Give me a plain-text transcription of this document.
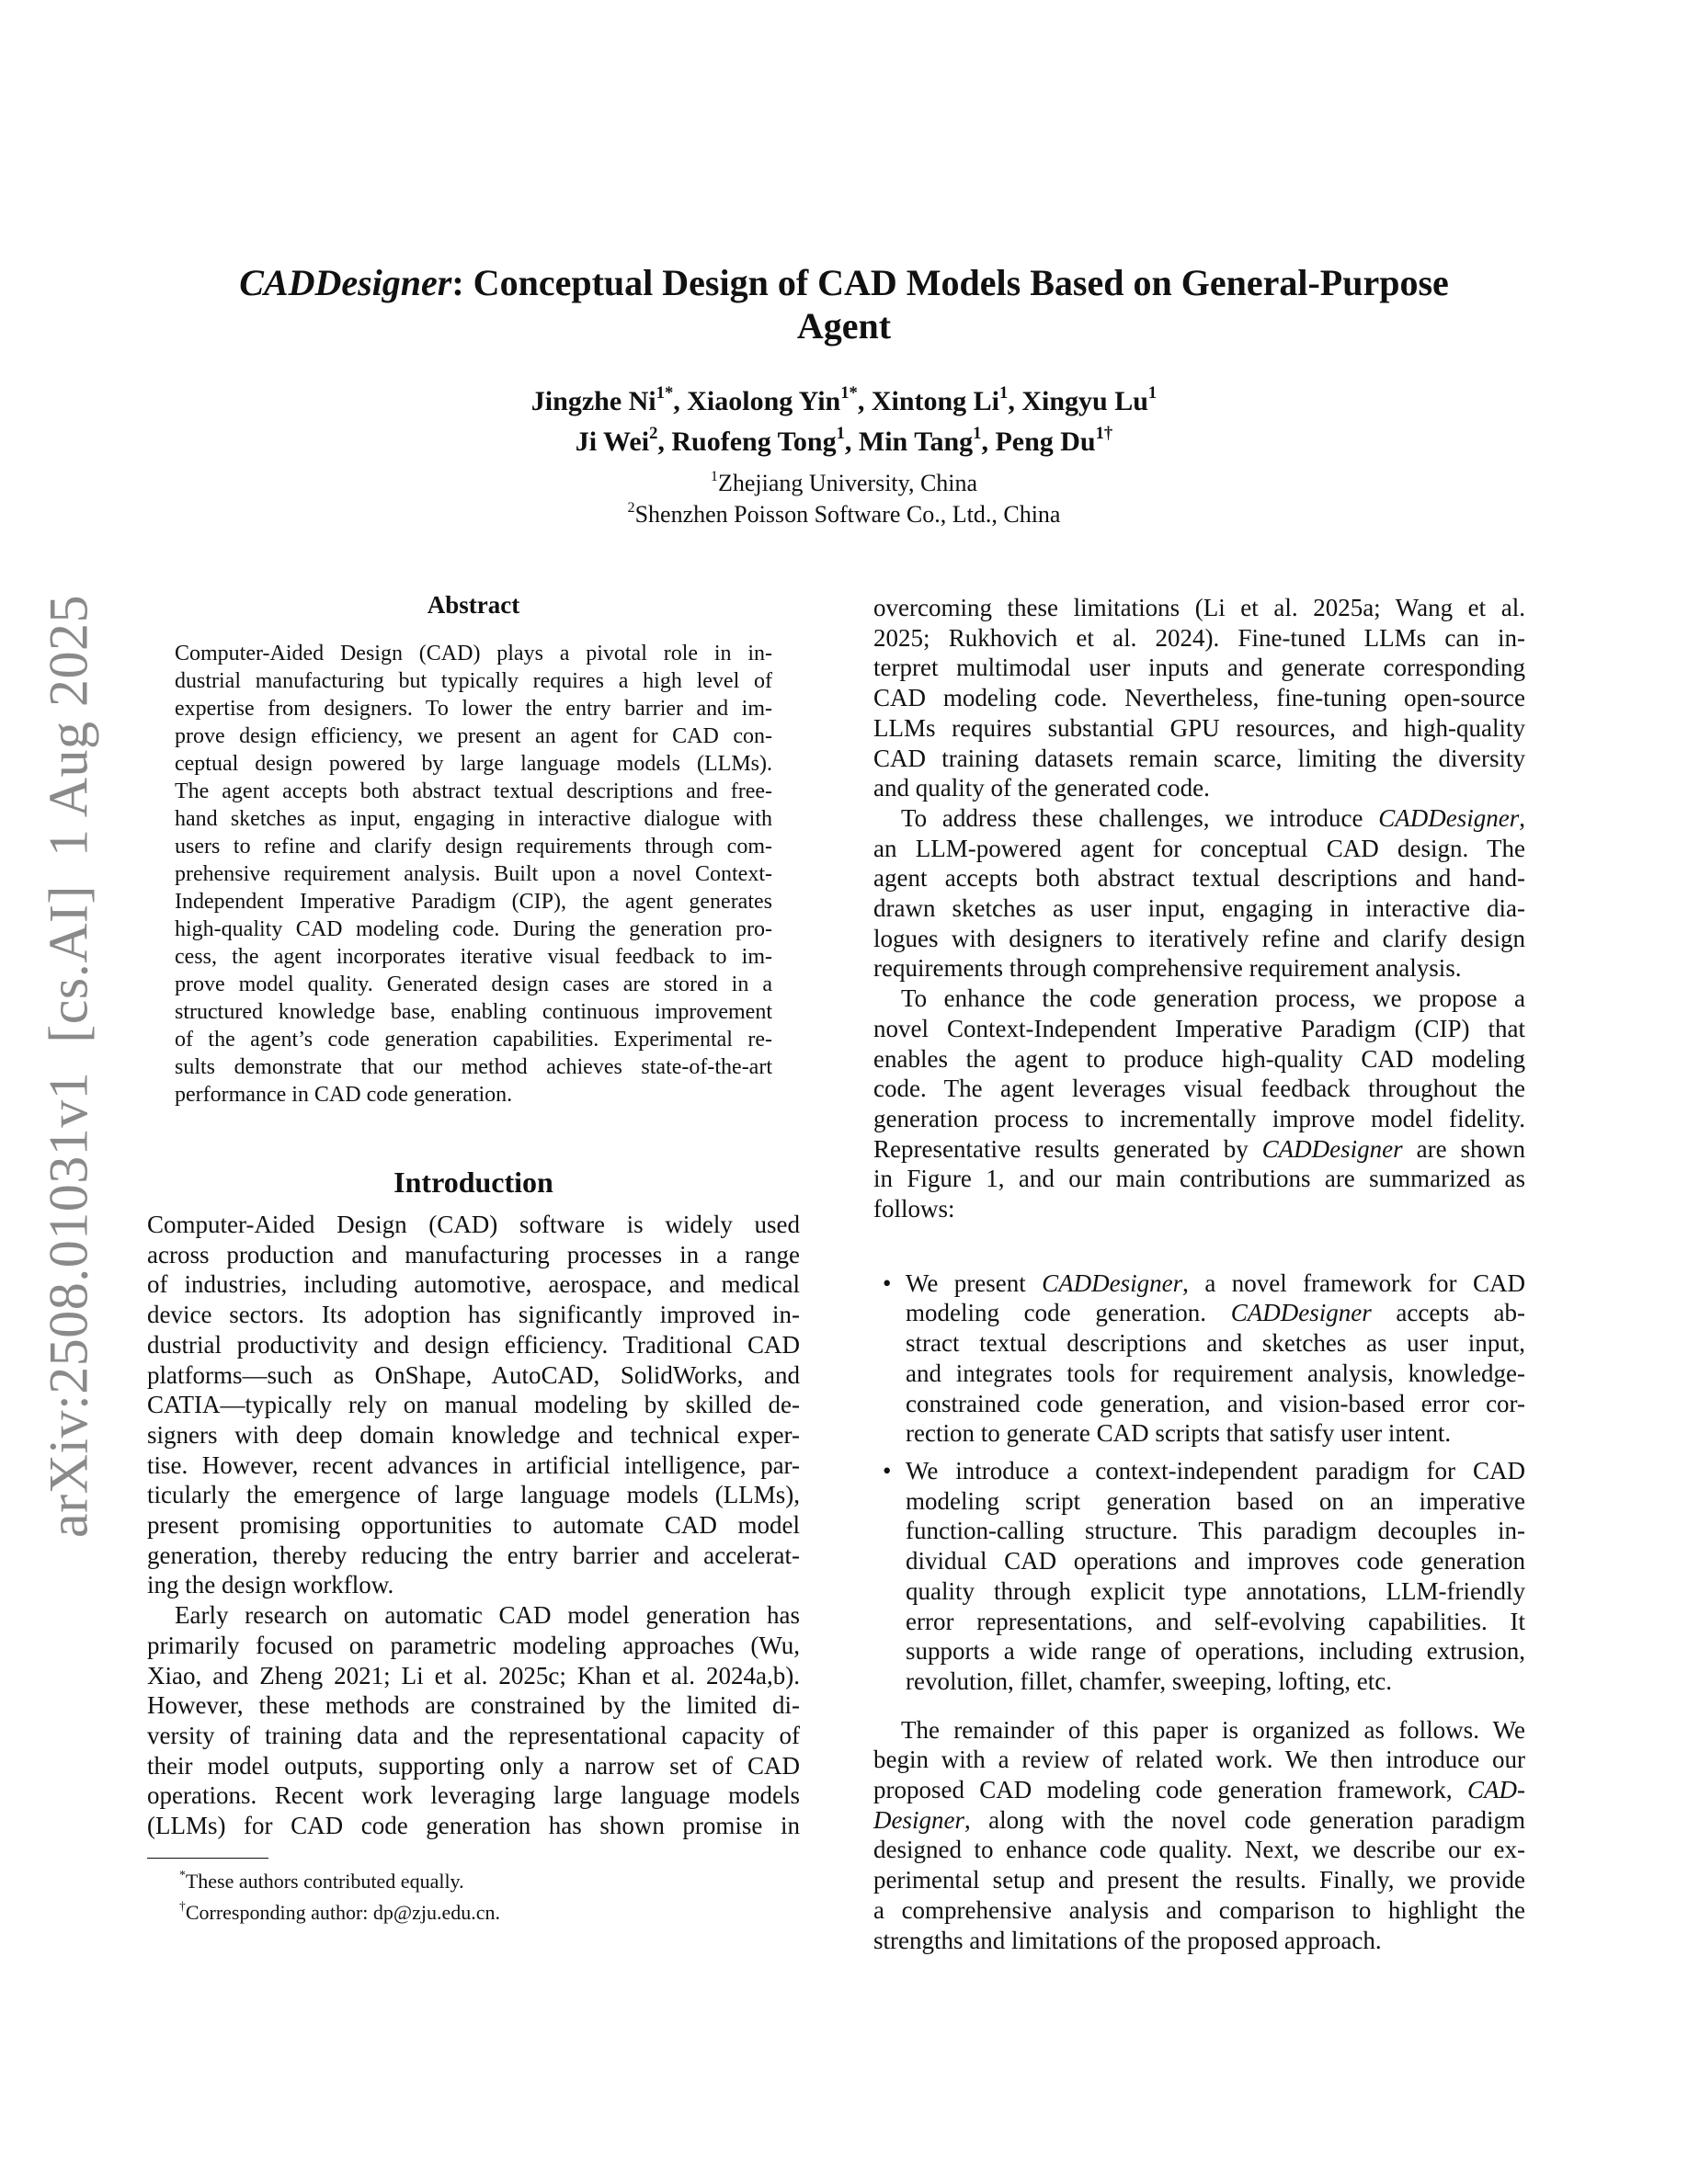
arXiv:2508.01031v1  [cs.AI]  1 Aug 2025
CADDesigner: Conceptual Design of CAD Models Based on General-Purpose
Agent
Jingzhe $Ni^{1*}$, Xiaolong Yin$^{1*}$, Xintong Li$^1$, Xingyu Lu$^1$
Ji Wei$^2$, Ruofeng Tong$^1$, Min Tang$^1$, Peng $Du^{1\dagger}$
$^1$Zhejiang University, China
$^2$Shenzhen Poisson Software Co., Ltd., China
Abstract
Computer-Aided Design (CAD) plays a pivotal role in in-
dustrial manufacturing but typically requires a high level of
expertise from designers. To lower the entry barrier and im-
prove design efficiency, we present an agent for CAD con-
ceptual design powered by large language models (LLMs).
The agent accepts both abstract textual descriptions and free-
hand sketches as input, engaging in interactive dialogue with
users to refine and clarify design requirements through com-
prehensive requirement analysis. Built upon a novel Context-
Independent Imperative Paradigm (CIP), the agent generates
high-quality CAD modeling code. During the generation pro-
cess, the agent incorporates iterative visual feedback to im-
prove model quality. Generated design cases are stored in a
structured knowledge base, enabling continuous improvement
of the agent’s code generation capabilities. Experimental re-
sults demonstrate that our method achieves state-of-the-art
performance in CAD code generation.
Introduction
Computer-Aided Design (CAD) software is widely used
across production and manufacturing processes in a range
of industries, including automotive, aerospace, and medical
device sectors. Its adoption has significantly improved in-
dustrial productivity and design efficiency. Traditional CAD
platforms—such as OnShape, AutoCAD, SolidWorks, and
CATIA—typically rely on manual modeling by skilled de-
signers with deep domain knowledge and technical exper-
tise. However, recent advances in artificial intelligence, par-
ticularly the emergence of large language models (LLMs),
present promising opportunities to automate CAD model
generation, thereby reducing the entry barrier and accelerat-
ing the design workflow.
Early research on automatic CAD model generation has
primarily focused on parametric modeling approaches (Wu,
Xiao, and Zheng 2021; Li et al. 2025c; Khan et al. 2024a,b).
However, these methods are constrained by the limited di-
versity of training data and the representational capacity of
their model outputs, supporting only a narrow set of CAD
operations. Recent work leveraging large language models
(LLMs) for CAD code generation has shown promise in
overcoming these limitations (Li et al. 2025a; Wang et al.
2025; Rukhovich et al. 2024). Fine-tuned LLMs can in-
terpret multimodal user inputs and generate corresponding
CAD modeling code. Nevertheless, fine-tuning open-source
LLMs requires substantial GPU resources, and high-quality
CAD training datasets remain scarce, limiting the diversity
and quality of the generated code.
To address these challenges, we introduce CADDesigner,
an LLM-powered agent for conceptual CAD design. The
agent accepts both abstract textual descriptions and hand-
drawn sketches as user input, engaging in interactive dia-
logues with designers to iteratively refine and clarify design
requirements through comprehensive requirement analysis.
To enhance the code generation process, we propose a
novel Context-Independent Imperative Paradigm (CIP) that
enables the agent to produce high-quality CAD modeling
code. The agent leverages visual feedback throughout the
generation process to incrementally improve model fidelity.
Representative results generated by CADDesigner are shown
in Figure 1, and our main contributions are summarized as
follows:
• We present CADDesigner, a novel framework for CAD
modeling code generation. CADDesigner accepts ab-
stract textual descriptions and sketches as user input,
and integrates tools for requirement analysis, knowledge-
constrained code generation, and vision-based error cor-
rection to generate CAD scripts that satisfy user intent.
• We introduce a context-independent paradigm for CAD
modeling script generation based on an imperative
function-calling structure. This paradigm decouples in-
dividual CAD operations and improves code generation
quality through explicit type annotations, LLM-friendly
error representations, and self-evolving capabilities. It
supports a wide range of operations, including extrusion,
revolution, fillet, chamfer, sweeping, lofting, etc.
The remainder of this paper is organized as follows. We
begin with a review of related work. We then introduce our
proposed CAD modeling code generation framework, CAD-
Designer, along with the novel code generation paradigm
designed to enhance code quality. Next, we describe our ex-
perimental setup and present the results. Finally, we provide
a comprehensive analysis and comparison to highlight the
strengths and limitations of the proposed approach.
*These authors contributed equally.
†Corresponding author: dp@zju.edu.cn.
